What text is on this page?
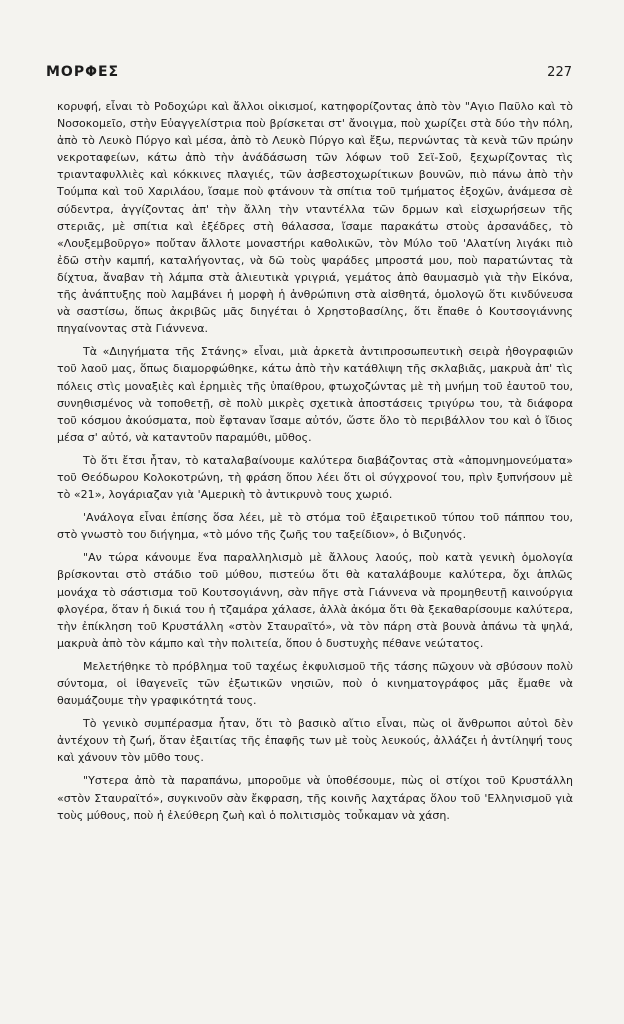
ΜΟΡΦΕΣ	227

κορυφή, εἶναι τὸ Ροδοχώρι καὶ ἄλλοι οἰκισμοί, κατηφορίζοντας ἀπὸ τὸν "Αγιο Παῦλο καὶ τὸ Νοσοκομεῖο, στὴν Εὐαγγελίστρια ποὺ βρίσκεται στ' ἄνοιγμα, ποὺ χωρίζει στὰ δύο τὴν πόλη, ἀπὸ τὸ Λευκὸ Πύργο καὶ μέσα, ἀπὸ τὸ Λευκὸ Πύργο καὶ ἔξω, περνώντας τὰ κενὰ τῶν πρώην νεκροταφείων, κάτω ἀπὸ τὴν ἀνάδάσωση τῶν λόφων τοῦ Σεϊ-Σοῦ, ξεχωρίζοντας τὶς τριανταφυλλιὲς καὶ κόκκινες πλαγιές, τῶν ἀσβεστοχωρίτικων βουνῶν, πιὸ πάνω ἀπὸ τὴν Τούμπα καὶ τοῦ Χαριλάου, ἴσαμε ποὺ φτάνουν τὰ σπίτια τοῦ τμήματος ἐξοχῶν, ἀνάμεσα σὲ σύδεντρα, ἀγγίζοντας ἀπ' τὴν ἄλλη τὴν νταντέλλα τῶν δρμων καὶ εἰσχωρήσεων τῆς στεριᾶς, μὲ σπίτια καὶ ἐξέδρες στὴ θάλασσα, ἴσαμε παρακάτω στοὺς ἀρσανάδες, τὸ «Λουξεμβοῦργο» ποὔταν ἄλλοτε μοναστήρι καθολικῶν, τὸν Μύλο τοῦ 'Αλατίνη λιγάκι πιὸ ἐδῶ στὴν καμπή, καταλήγοντας, νὰ δῶ τοὺς ψαράδες μπροστά μου, ποὺ παρατώντας τὰ δίχτυα, ἄναβαν τὴ λάμπα στὰ ἁλιευτικὰ γριγριά, γεμάτος ἀπὸ θαυμασμὸ γιὰ τὴν Εἰκόνα, τῆς ἀνάπτυξης ποὺ λαμβάνει ἡ μορφὴ ἡ ἀνθρώπινη στὰ αἰσθητά, ὁμολογῶ ὅτι κινδύνευσα νὰ σαστίσω, ὅπως ἀκριβῶς μᾶς διηγέται ὁ Χρηστοβασίλης, ὅτι ἔπαθε ὁ Κουτσογιάννης πηγαίνοντας στὰ Γιάννενα.

Τὰ «Διηγήματα τῆς Στάνης» εἶναι, μιὰ ἀρκετὰ ἀντιπροσωπευτικὴ σειρὰ ἠθογραφιῶν τοῦ λαοῦ μας, ὅπως διαμορφώθηκε, κάτω ἀπὸ τὴν κατάθλιψη τῆς σκλαβιᾶς, μακρυὰ ἀπ' τὶς πόλεις στὶς μοναξιὲς καὶ ἐρημιὲς τῆς ὑπαίθρου, φτωχοζώντας μὲ τὴ μνήμη τοῦ ἑαυτοῦ του, συνηθισμένος νὰ τοποθετῇ, σὲ πολὺ μικρὲς σχετικὰ ἀποστάσεις τριγύρω του, τὰ διάφορα τοῦ κόσμου ἀκούσματα, ποὺ ἔφταναν ἴσαμε αὐτόν, ὥστε ὅλο τὸ περιβάλλον του καὶ ὁ ἴδιος μέσα σ' αὐτό, νὰ καταντοῦν παραμύθι, μῦθος.

Τὸ ὅτι ἔτσι ἦταν, τὸ καταλαβαίνουμε καλύτερα διαβάζοντας στὰ «ἀπομνημονεύματα» τοῦ Θεόδωρου Κολοκοτρώνη, τὴ φράση ὅπου λέει ὅτι οἱ σύγχρονοί του, πρὶν ξυπνήσουν μὲ τὸ «21», λογάριαζαν γιὰ 'Αμερικὴ τὸ ἀντικρυνὸ τους χωριό.

'Ανάλογα εἶναι ἐπίσης ὅσα λέει, μὲ τὸ στόμα τοῦ ἐξαιρετικοῦ τύπου τοῦ πάππου του, στὸ γνωστὸ του διήγημα, «τὸ μόνο τῆς ζωῆς του ταξείδιον», ὁ Βιζυηνός.

"Αν τώρα κάνουμε ἕνα παραλληλισμὸ μὲ ἄλλους λαούς, ποὺ κατὰ γενικὴ ὁμολογία βρίσκονται στὸ στάδιο τοῦ μύθου, πιστεύω ὅτι θὰ καταλάβουμε καλύτερα, ὄχι ἁπλῶς μονάχα τὸ σάστισμα τοῦ Κουτσογιάννη, σὰν πῆγε στὰ Γιάννενα νὰ προμηθευτῇ καινούργια φλογέρα, ὅταν ἡ δικιά του ἡ τζαμάρα χάλασε, ἀλλὰ ἀκόμα ὅτι θὰ ξεκαθαρίσουμε καλύτερα, τὴν ἐπίκληση τοῦ Κρυστάλλη «στὸν Σταυραϊτό», νὰ τὸν πάρη στὰ βουνὰ ἀπάνω τὰ ψηλά, μακρυὰ ἀπὸ τὸν κάμπο καὶ τὴν πολιτεία, ὅπου ὁ δυστυχὴς πέθανε νεώτατος.

Μελετήθηκε τὸ πρόβλημα τοῦ ταχέως ἐκφυλισμοῦ τῆς τάσης πῶχουν νὰ σβύσουν πολὺ σύντομα, οἱ ἰθαγενεῖς τῶν ἐξωτικῶν νησιῶν, ποὺ ὁ κινηματογράφος μᾶς ἔμαθε νὰ θαυμάζουμε τὴν γραφικότητά τους.

Τὸ γενικὸ συμπέρασμα ἦταν, ὅτι τὸ βασικὸ αἴτιο εἶναι, πὼς οἱ ἄνθρωποι αὐτοὶ δὲν ἀντέχουν τὴ ζωή, ὅταν ἐξαιτίας τῆς ἐπαφῆς των μὲ τοὺς λευκούς, ἀλλάζει ἡ ἀντίληψή τους καὶ χάνουν τὸν μῦθο τους.

"Υστερα ἀπὸ τὰ παραπάνω, μποροῦμε νὰ ὑποθέσουμε, πὼς οἱ στίχοι τοῦ Κρυστάλλη «στὸν Σταυραϊτό», συγκινοῦν σὰν ἔκφραση, τῆς κοινῆς λαχτάρας ὅλου τοῦ 'Ελληνισμοῦ γιὰ τοὺς μύθους, ποὺ ἡ ἐλεύθερη ζωὴ καὶ ὁ πολιτισμὸς τοὖκαμαν νὰ χάση.
